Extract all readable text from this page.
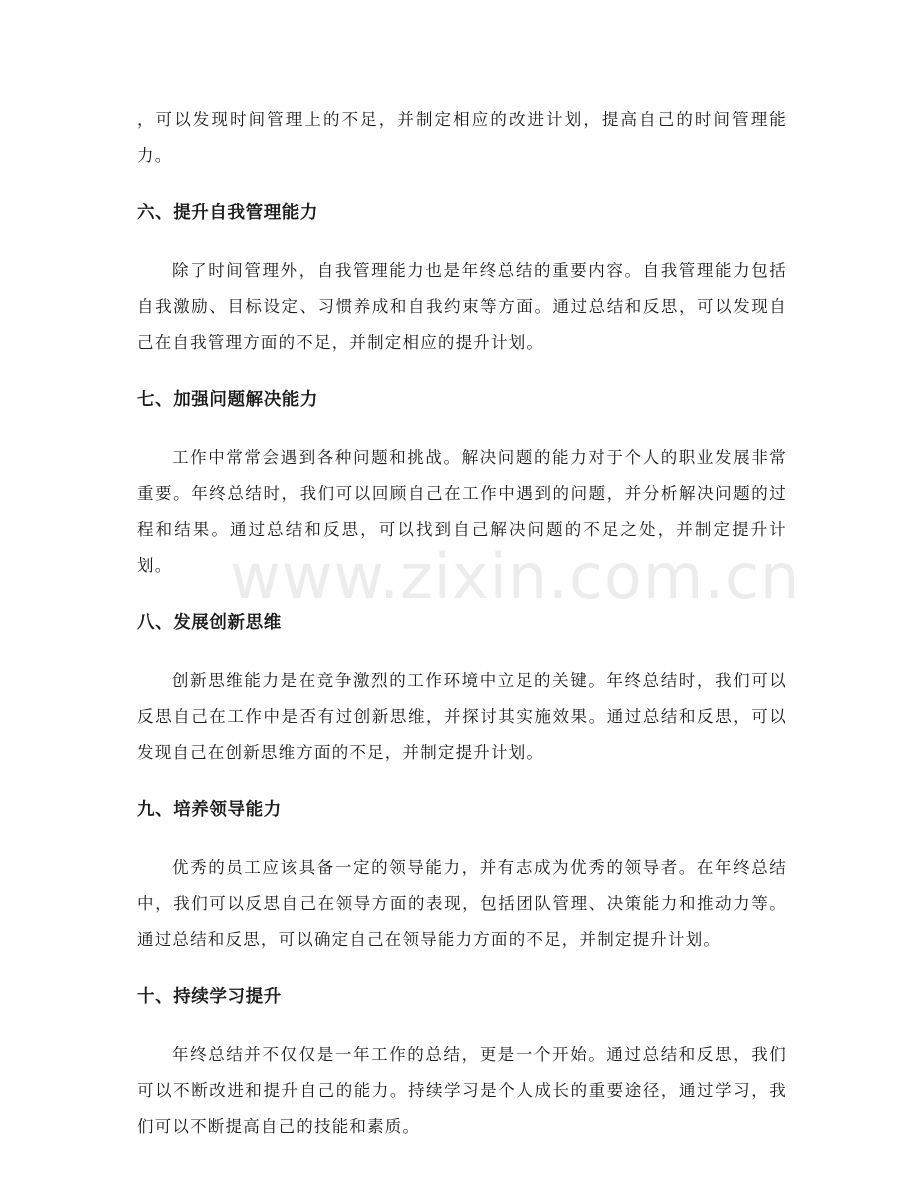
www.zixin.com.cn

，可以发现时间管理上的不足，并制定相应的改进计划，提高自己的时间管理能力。

六、提升自我管理能力

除了时间管理外，自我管理能力也是年终总结的重要内容。自我管理能力包括自我激励、目标设定、习惯养成和自我约束等方面。通过总结和反思，可以发现自己在自我管理方面的不足，并制定相应的提升计划。

七、加强问题解决能力

工作中常常会遇到各种问题和挑战。解决问题的能力对于个人的职业发展非常重要。年终总结时，我们可以回顾自己在工作中遇到的问题，并分析解决问题的过程和结果。通过总结和反思，可以找到自己解决问题的不足之处，并制定提升计划。

八、发展创新思维

创新思维能力是在竞争激烈的工作环境中立足的关键。年终总结时，我们可以反思自己在工作中是否有过创新思维，并探讨其实施效果。通过总结和反思，可以发现自己在创新思维方面的不足，并制定提升计划。

九、培养领导能力

优秀的员工应该具备一定的领导能力，并有志成为优秀的领导者。在年终总结中，我们可以反思自己在领导方面的表现，包括团队管理、决策能力和推动力等。通过总结和反思，可以确定自己在领导能力方面的不足，并制定提升计划。

十、持续学习提升

年终总结并不仅仅是一年工作的总结，更是一个开始。通过总结和反思，我们可以不断改进和提升自己的能力。持续学习是个人成长的重要途径，通过学习，我们可以不断提高自己的技能和素质。
